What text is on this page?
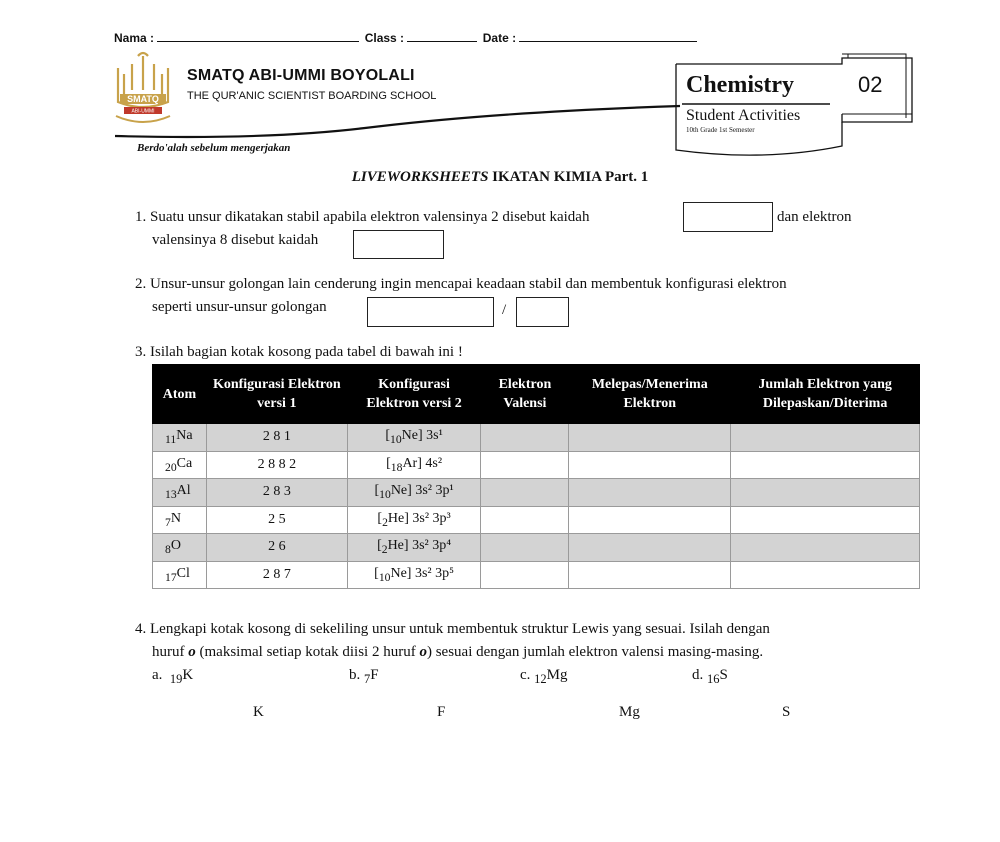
Nama :	Class :	Date :
SMATQ
ABI-UMMI
SMATQ ABI-UMMI BOYOLALI
THE QUR'ANIC SCIENTIST BOARDING SCHOOL
Berdo'alah sebelum mengerjakan
Chemistry
Student Activities
10th Grade 1st Semester
02
LIVEWORKSHEETS IKATAN KIMIA Part. 1
1. Suatu unsur dikatakan stabil apabila elektron valensinya 2 disebut kaidah	dan elektron
valensinya 8 disebut kaidah
2. Unsur-unsur golongan lain cenderung ingin mencapai keadaan stabil dan membentuk konfigurasi elektron
seperti unsur-unsur golongan	/
3. Isilah bagian kotak kosong pada tabel di bawah ini !
Atom	Konfigurasi Elektron versi 1	Konfigurasi Elektron versi 2	Elektron Valensi	Melepas/Menerima Elektron	Jumlah Elektron yang Dilepaskan/Diterima
$_{11}$Na	2 8 1	$[_{10}Ne]$ 3s¹			
$_{20}$Ca	2 8 8 2	$[_{18}Ar]$ 4s²			
$_{13}$Al	2 8 3	$[_{10}Ne]$ 3s² 3p¹			
$_7$N	2 5	$[_2He]$ 3s² 3p³			
$_8$O	2 6	$[_2He]$ 3s² 3p⁴			
$_{17}$Cl	2 8 7	$[_{10}Ne]$ 3s² 3p⁵			
4. Lengkapi kotak kosong di sekeliling unsur untuk membentuk struktur Lewis yang sesuai. Isilah dengan
huruf o (maksimal setiap kotak diisi 2 huruf o) sesuai dengan jumlah elektron valensi masing-masing.
a. $_{19}$K	b. $_7$F	c. $_{12}$Mg	d. $_{16}$S
K	F	Mg	S
